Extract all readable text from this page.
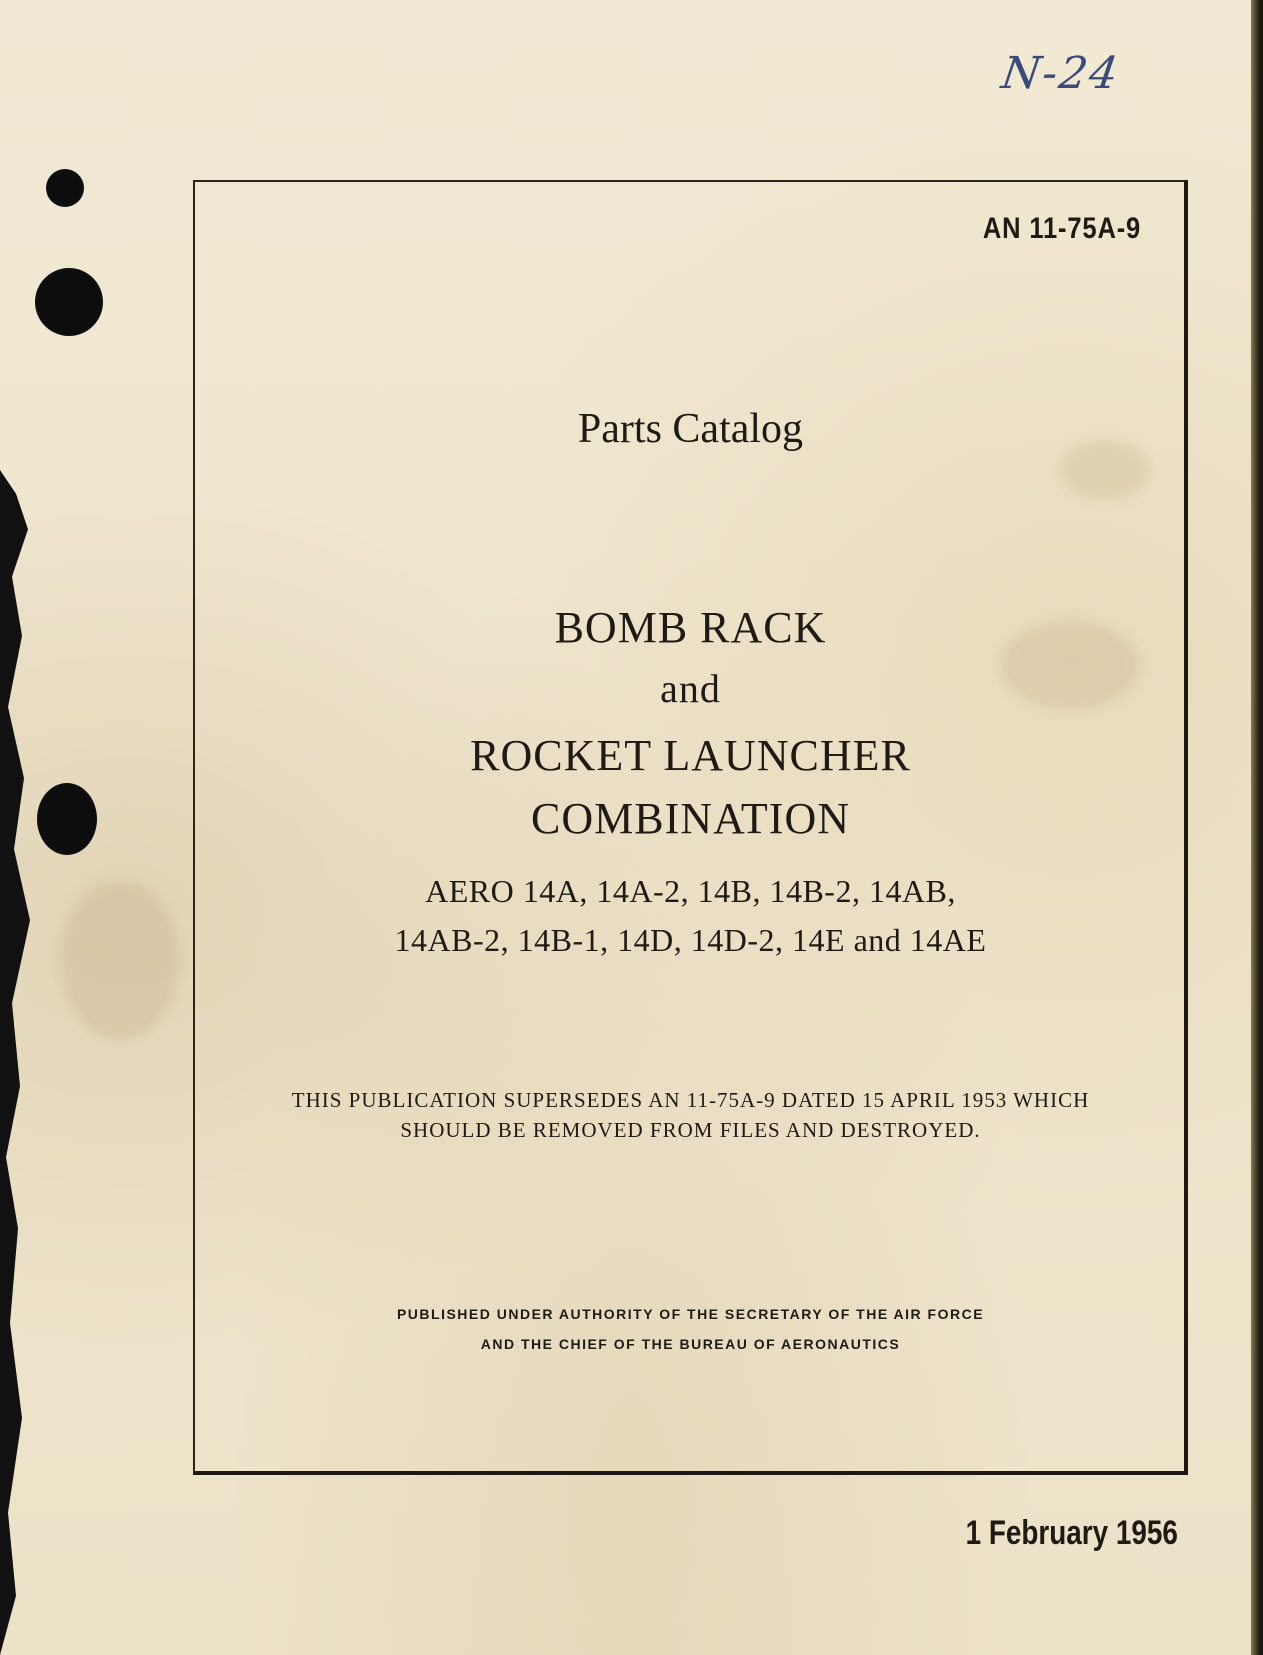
N-24
AN 11-75A-9
Parts Catalog
BOMB RACK
and
ROCKET LAUNCHER
COMBINATION
AERO 14A, 14A-2, 14B, 14B-2, 14AB,
14AB-2, 14B-1, 14D, 14D-2, 14E and 14AE
THIS PUBLICATION SUPERSEDES AN 11-75A-9 DATED 15 APRIL 1953 WHICH
SHOULD BE REMOVED FROM FILES AND DESTROYED.
PUBLISHED UNDER AUTHORITY OF THE SECRETARY OF THE AIR FORCE
AND THE CHIEF OF THE BUREAU OF AERONAUTICS
1 February 1956
